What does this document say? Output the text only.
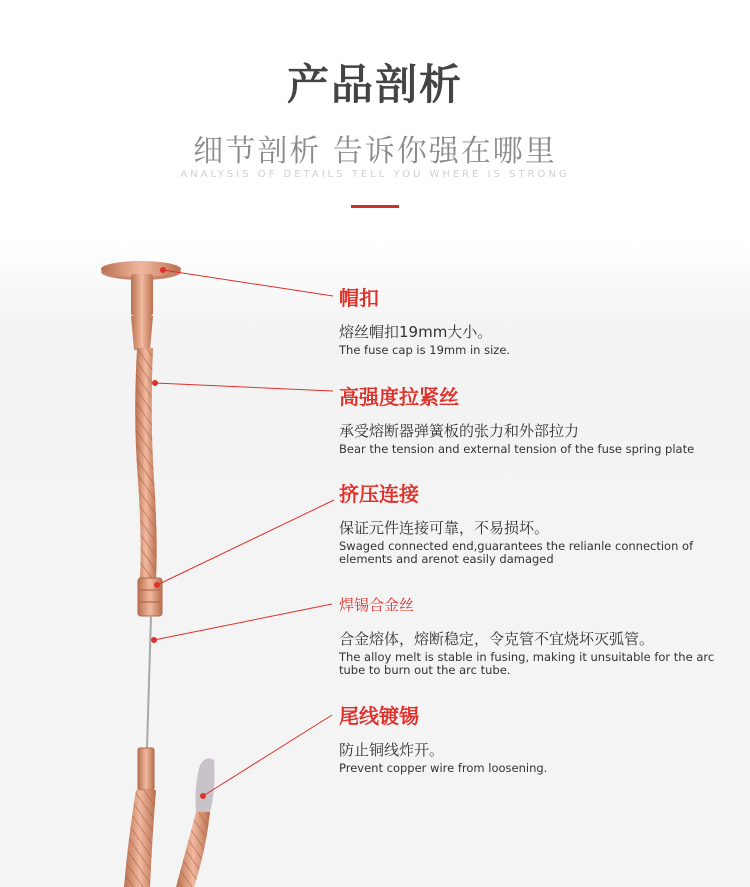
产品剖析
细节剖析 告诉你强在哪里
ANALYSIS OF DETAILS TELL YOU WHERE IS STRONG
帽扣
熔丝帽扣19mm大小。
The fuse cap is 19mm in size.
高强度拉紧丝
承受熔断器弹簧板的张力和外部拉力
Bear the tension and external tension of the fuse spring plate
挤压连接
保证元件连接可靠，不易损坏。
Swaged connected end,guarantees the relianle connection of elements and arenot easily damaged
焊锡合金丝
合金熔体，熔断稳定，令克管不宜烧坏灭弧管。
The alloy melt is stable in fusing, making it unsuitable for the arc tube to burn out the arc tube.
尾线镀锡
防止铜线炸开。
Prevent copper wire from loosening.
